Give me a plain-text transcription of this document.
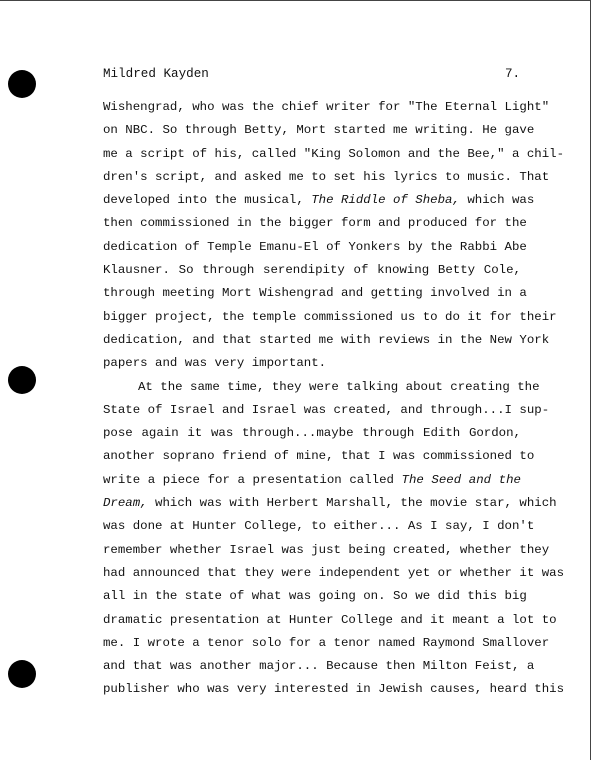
Mildred Kayden	7.
Wishengrad, who was the chief writer for "The Eternal Light"
on NBC. So through Betty, Mort started me writing. He gave
me a script of his, called "King Solomon and the Bee," a chil-
dren's script, and asked me to set his lyrics to music. That
developed into the musical, The Riddle of Sheba, which was
then commissioned in the bigger form and produced for the
dedication of Temple Emanu-El of Yonkers by the Rabbi Abe
Klausner. So through serendipity of knowing Betty Cole,
through meeting Mort Wishengrad and getting involved in a
bigger project, the temple commissioned us to do it for their
dedication, and that started me with reviews in the New York
papers and was very important.
At the same time, they were talking about creating the
State of Israel and Israel was created, and through...I sup-
pose again it was through...maybe through Edith Gordon,
another soprano friend of mine, that I was commissioned to
write a piece for a presentation called The Seed and the
Dream, which was with Herbert Marshall, the movie star, which
was done at Hunter College, to either... As I say, I don't
remember whether Israel was just being created, whether they
had announced that they were independent yet or whether it was
all in the state of what was going on. So we did this big
dramatic presentation at Hunter College and it meant a lot to
me. I wrote a tenor solo for a tenor named Raymond Smallover
and that was another major... Because then Milton Feist, a
publisher who was very interested in Jewish causes, heard this
